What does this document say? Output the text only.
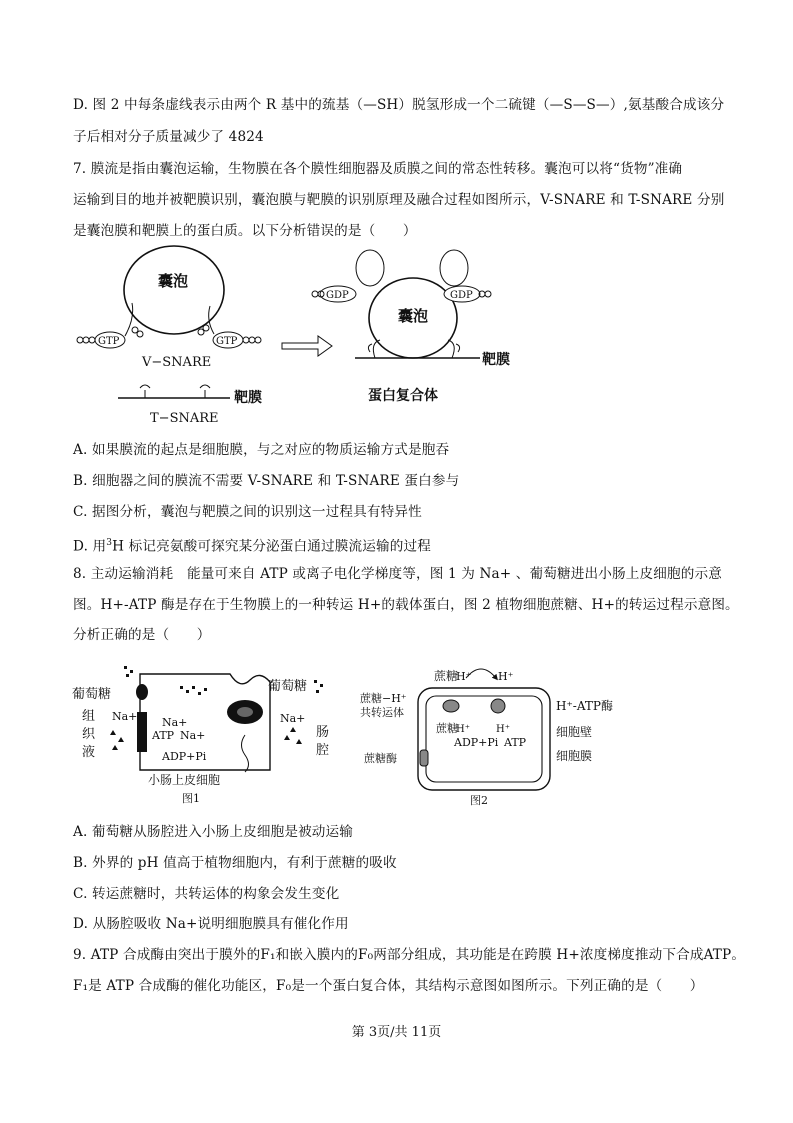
D. 图 2 中每条虚线表示由两个 R 基中的巯基（—SH）脱氢形成一个二硫键（—S—S—）,氨基酸合成该分
子后相对分子质量减少了 4824
7. 膜流是指由囊泡运输，生物膜在各个膜性细胞器及质膜之间的常态性转移。囊泡可以将“货物”准确
运输到目的地并被靶膜识别，囊泡膜与靶膜的识别原理及融合过程如图所示，V-SNARE 和 T-SNARE 分别
是囊泡膜和靶膜上的蛋白质。以下分析错误的是（　　）
囊泡
GTP	GTP
V−SNARE
靶膜
T−SNARE
囊泡
GDP	GDP
靶膜
蛋白复合体
A. 如果膜流的起点是细胞膜，与之对应的物质运输方式是胞吞
B. 细胞器之间的膜流不需要 V-SNARE 和 T-SNARE 蛋白参与
C. 据图分析，囊泡与靶膜之间的识别这一过程具有特异性
D. 用$^3$H 标记亮氨酸可探究某分泌蛋白通过膜流运输的过程
8. 主动运输消耗　能量可来自 ATP 或离子电化学梯度等，图 1 为 Na+ 、葡萄糖进出小肠上皮细胞的示意
图。H+-ATP 酶是存在于生物膜上的一种转运 H+的载体蛋白，图 2 植物细胞蔗糖、H+的转运过程示意图。
分析正确的是（　　）
葡萄糖
葡萄糖
组
织
液
Na+ Na+
ATP Na+
ADP+Pi
Na+
肠
腔
小肠上皮细胞
图1
蔗糖
H⁺ H⁺
蔗糖−H⁺
共转运体	H⁺-ATP酶
蔗糖
H⁺	H⁺
ADP+Pi ATP
细胞壁
细胞膜
蔗糖酶
图2
A. 葡萄糖从肠腔进入小肠上皮细胞是被动运输
B. 外界的 pH 值高于植物细胞内，有利于蔗糖的吸收
C. 转运蔗糖时，共转运体的构象会发生变化
D. 从肠腔吸收 Na+说明细胞膜具有催化作用
9. ATP 合成酶由突出于膜外的F₁和嵌入膜内的F₀两部分组成，其功能是在跨膜 H+浓度梯度推动下合成ATP。
F₁是 ATP 合成酶的催化功能区，F₀是一个蛋白复合体，其结构示意图如图所示。下列正确的是（　　）
第 3页/共 11页
